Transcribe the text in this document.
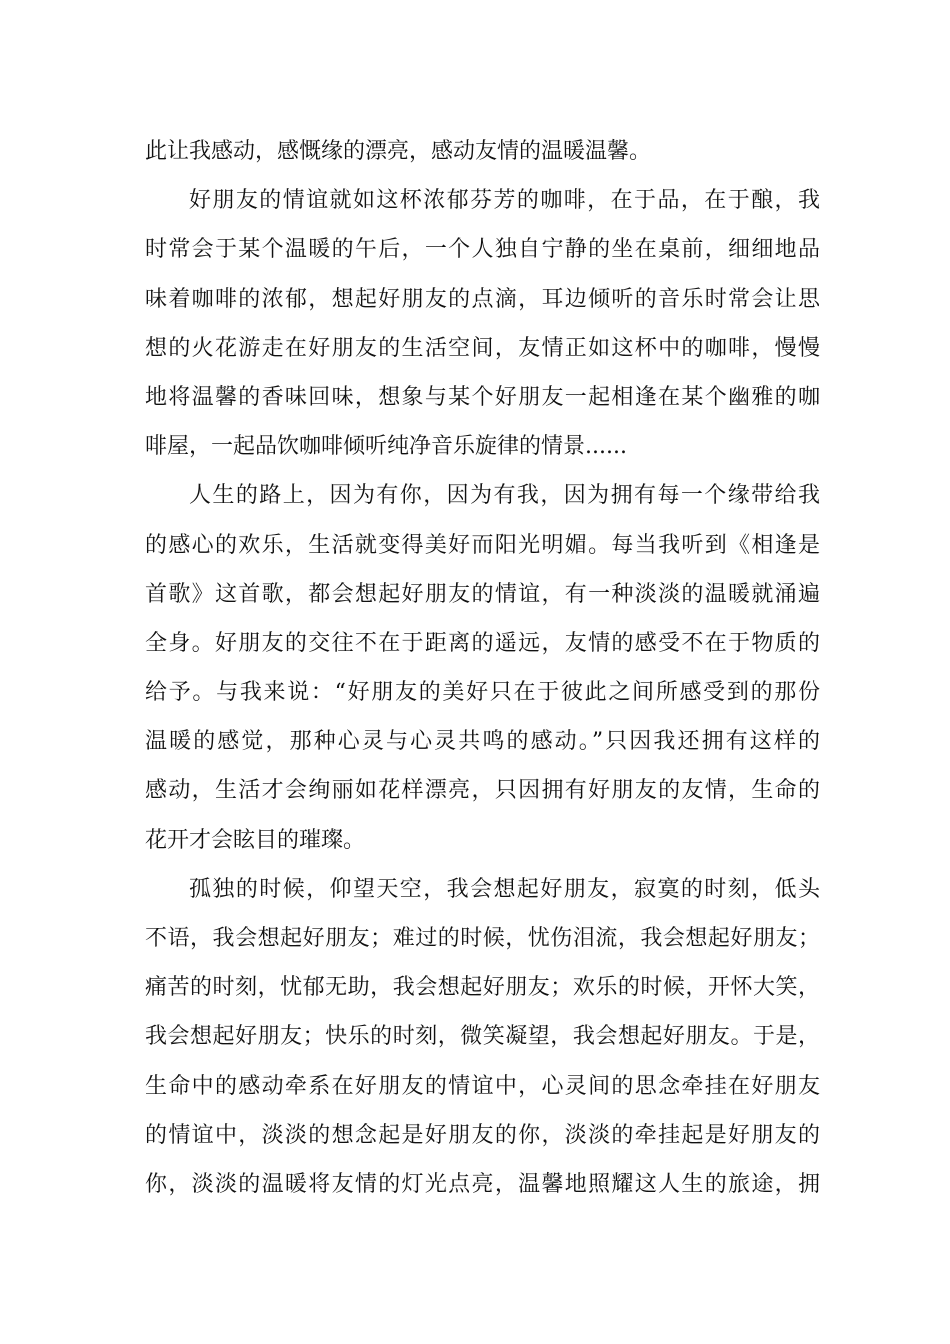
此让我感动，感慨缘的漂亮，感动友情的温暖温馨。
好朋友的情谊就如这杯浓郁芬芳的咖啡，在于品，在于酿，我
时常会于某个温暖的午后，一个人独自宁静的坐在桌前，细细地品
味着咖啡的浓郁，想起好朋友的点滴，耳边倾听的音乐时常会让思
想的火花游走在好朋友的生活空间，友情正如这杯中的咖啡，慢慢
地将温馨的香味回味，想象与某个好朋友一起相逢在某个幽雅的咖
啡屋，一起品饮咖啡倾听纯净音乐旋律的情景......
人生的路上，因为有你，因为有我，因为拥有每一个缘带给我
的感心的欢乐，生活就变得美好而阳光明媚。每当我听到《相逢是
首歌》这首歌，都会想起好朋友的情谊，有一种淡淡的温暖就涌遍
全身。好朋友的交往不在于距离的遥远，友情的感受不在于物质的
给予。与我来说：“好朋友的美好只在于彼此之间所感受到的那份
温暖的感觉，那种心灵与心灵共鸣的感动。”只因我还拥有这样的
感动，生活才会绚丽如花样漂亮，只因拥有好朋友的友情，生命的
花开才会眩目的璀璨。
孤独的时候，仰望天空，我会想起好朋友，寂寞的时刻，低头
不语，我会想起好朋友；难过的时候，忧伤泪流，我会想起好朋友；
痛苦的时刻，忧郁无助，我会想起好朋友；欢乐的时候，开怀大笑，
我会想起好朋友；快乐的时刻，微笑凝望，我会想起好朋友。于是，
生命中的感动牵系在好朋友的情谊中，心灵间的思念牵挂在好朋友
的情谊中，淡淡的想念起是好朋友的你，淡淡的牵挂起是好朋友的
你，淡淡的温暖将友情的灯光点亮，温馨地照耀这人生的旅途，拥
